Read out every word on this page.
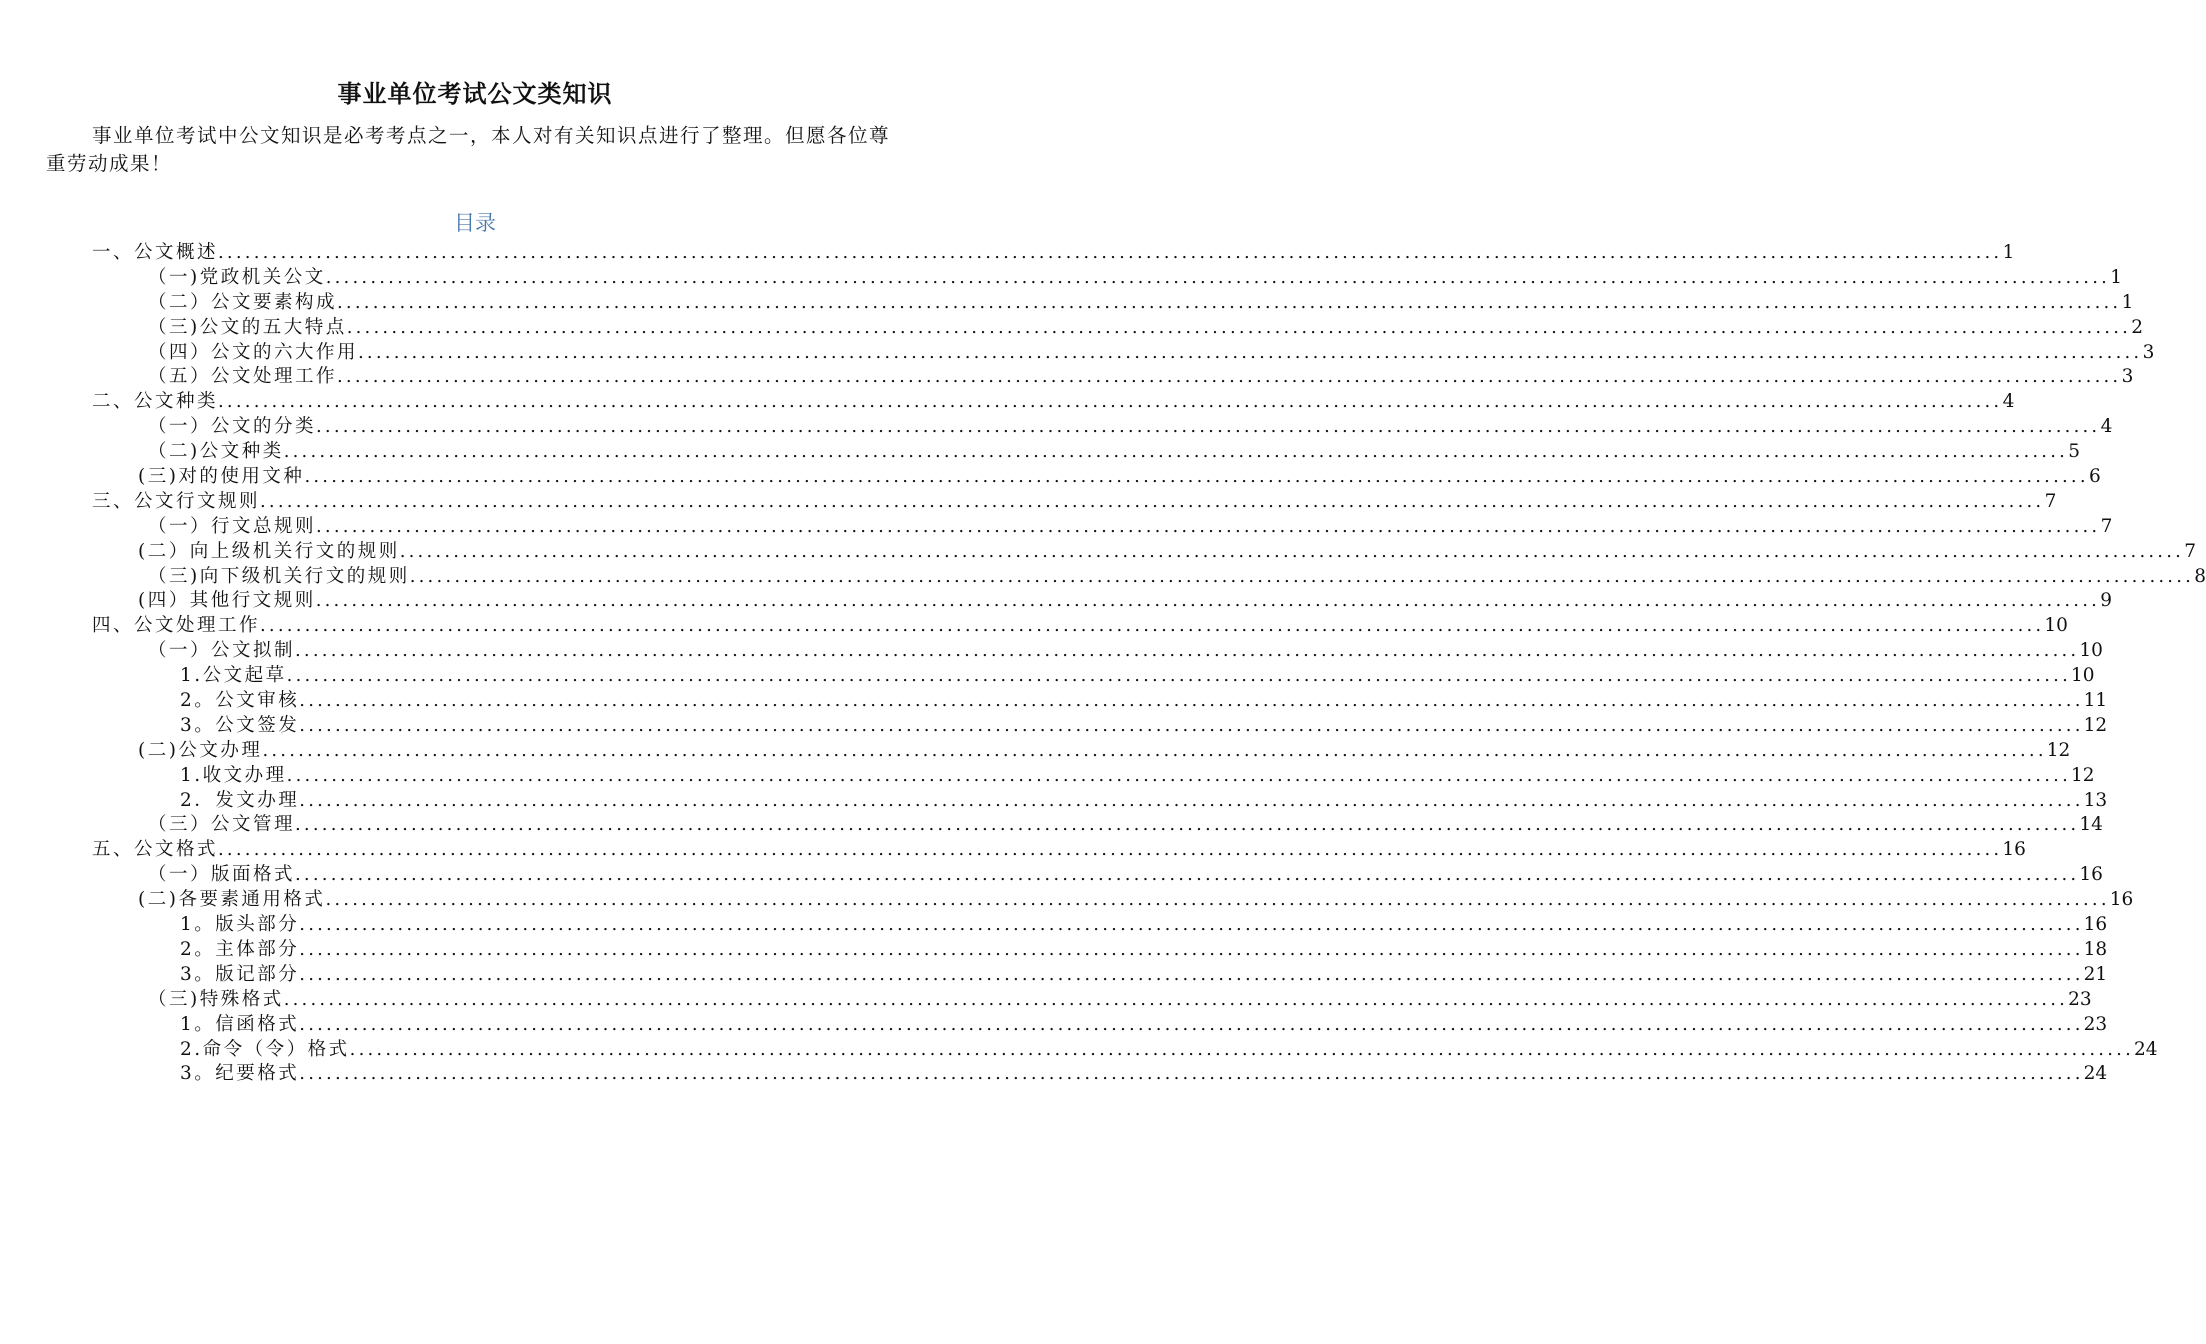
事业单位考试公文类知识

事业单位考试中公文知识是必考考点之一，本人对有关知识点进行了整理。但愿各位尊重劳动成果！

目录
一、公文概述 ........................................................................................................................................................................................................ 1
（一)党政机关公文 ........................................................................................................................................................................................................ 1
（二）公文要素构成 ........................................................................................................................................................................................................ 1
（三)公文的五大特点 ........................................................................................................................................................................................................ 2
（四）公文的六大作用 ........................................................................................................................................................................................................ 3
（五）公文处理工作 ........................................................................................................................................................................................................ 3
二、公文种类 ........................................................................................................................................................................................................ 4
（一）公文的分类 ........................................................................................................................................................................................................ 4
（二)公文种类 ........................................................................................................................................................................................................ 5
(三)对的使用文种 ........................................................................................................................................................................................................ 6
三、公文行文规则 ........................................................................................................................................................................................................ 7
（一）行文总规则 ........................................................................................................................................................................................................ 7
(二）向上级机关行文的规则 ........................................................................................................................................................................................................ 7
（三)向下级机关行文的规则 ........................................................................................................................................................................................................ 8
(四）其他行文规则 ........................................................................................................................................................................................................ 9
四、公文处理工作 ........................................................................................................................................................................................................ 10
（一）公文拟制 ........................................................................................................................................................................................................ 10
1.公文起草 ........................................................................................................................................................................................................ 10
2。公文审核 ........................................................................................................................................................................................................ 11
3。公文签发 ........................................................................................................................................................................................................ 12
(二)公文办理 ........................................................................................................................................................................................................ 12
1.收文办理 ........................................................................................................................................................................................................ 12
2．发文办理 ........................................................................................................................................................................................................ 13
（三）公文管理 ........................................................................................................................................................................................................ 14
五、公文格式 ........................................................................................................................................................................................................ 16
（一）版面格式 ........................................................................................................................................................................................................ 16
(二)各要素通用格式 ........................................................................................................................................................................................................ 16
1。版头部分 ........................................................................................................................................................................................................ 16
2。主体部分 ........................................................................................................................................................................................................ 18
3。版记部分 ........................................................................................................................................................................................................ 21
（三)特殊格式 ........................................................................................................................................................................................................ 23
1。信函格式 ........................................................................................................................................................................................................ 23
2.命令（令）格式 ........................................................................................................................................................................................................ 24
3。纪要格式 ........................................................................................................................................................................................................ 24
